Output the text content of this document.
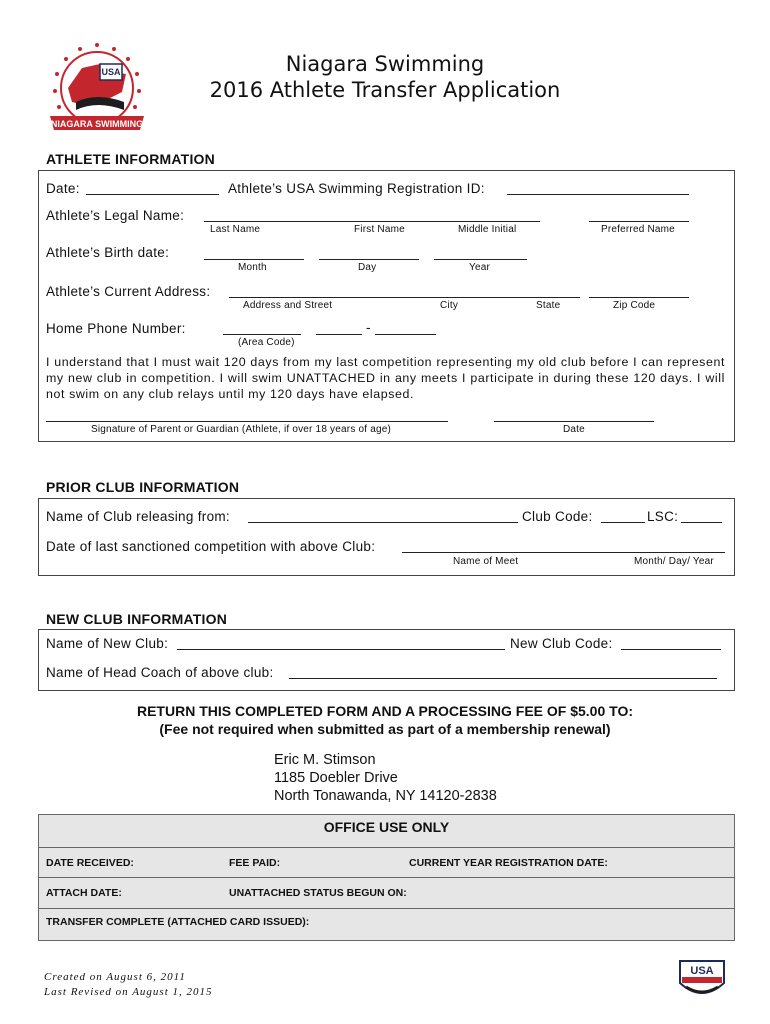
USA
NIAGARA SWIMMING
Niagara Swimming
2016 Athlete Transfer Application
ATHLETE INFORMATION
Date:	Athlete’s USA Swimming Registration ID:
Athlete’s Legal Name:
Last Name	First Name	Middle Initial	Preferred Name
Athlete’s Birth date:
Month	Day	Year
Athlete’s Current Address:
Address and Street	City	State	Zip Code
Home Phone Number:	-
(Area Code)
I understand that I must wait 120 days from my last competition representing my old club before I can represent my new club in competition. I will swim UNATTACHED in any meets I participate in during these 120 days. I will not swim on any club relays until my 120 days have elapsed.
Signature of Parent or Guardian (Athlete, if over 18 years of age)	Date
PRIOR CLUB INFORMATION
Name of Club releasing from:	Club Code:	LSC:
Date of last sanctioned competition with above Club:
Name of Meet	Month/ Day/ Year
NEW CLUB INFORMATION
Name of New Club:	New Club Code:
Name of Head Coach of above club:
RETURN THIS COMPLETED FORM AND A PROCESSING FEE OF $5.00 TO:
(Fee not required when submitted as part of a membership renewal)
Eric M. Stimson
1185 Doebler Drive
North Tonawanda, NY 14120-2838
OFFICE USE ONLY
DATE RECEIVED:	FEE PAID:	CURRENT YEAR REGISTRATION DATE:
ATTACH DATE:	UNATTACHED STATUS BEGUN ON:
TRANSFER COMPLETE (ATTACHED CARD ISSUED):
Created on August 6, 2011
Last Revised on August 1, 2015
USA
